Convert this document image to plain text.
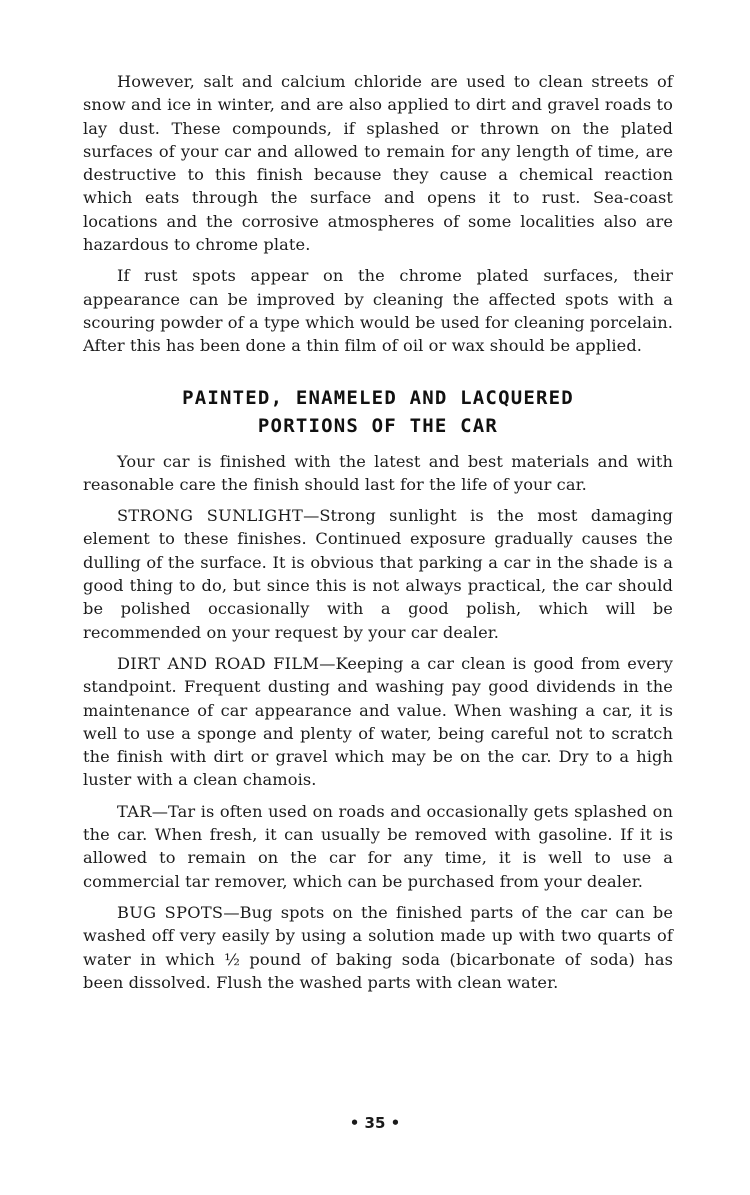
However, salt and calcium chloride are used to clean streets of snow and ice in winter, and are also applied to dirt and gravel roads to lay dust. These compounds, if splashed or thrown on the plated surfaces of your car and allowed to remain for any length of time, are destructive to this finish because they cause a chemical reaction which eats through the surface and opens it to rust. Sea-coast locations and the corrosive atmospheres of some localities also are hazardous to chrome plate.

If rust spots appear on the chrome plated surfaces, their appearance can be improved by cleaning the affected spots with a scouring powder of a type which would be used for cleaning porcelain. After this has been done a thin film of oil or wax should be applied.

PAINTED, ENAMELED AND LACQUERED
PORTIONS OF THE CAR

Your car is finished with the latest and best materials and with reasonable care the finish should last for the life of your car.

STRONG SUNLIGHT—Strong sunlight is the most damaging element to these finishes. Continued exposure gradually causes the dulling of the surface. It is obvious that parking a car in the shade is a good thing to do, but since this is not always practical, the car should be polished occasionally with a good polish, which will be recommended on your request by your car dealer.

DIRT AND ROAD FILM—Keeping a car clean is good from every standpoint. Frequent dusting and washing pay good dividends in the maintenance of car appearance and value. When washing a car, it is well to use a sponge and plenty of water, being careful not to scratch the finish with dirt or gravel which may be on the car. Dry to a high luster with a clean chamois.

TAR—Tar is often used on roads and occasionally gets splashed on the car. When fresh, it can usually be removed with gasoline. If it is allowed to remain on the car for any time, it is well to use a commercial tar remover, which can be purchased from your dealer.

BUG SPOTS—Bug spots on the finished parts of the car can be washed off very easily by using a solution made up with two quarts of water in which ½ pound of baking soda (bicarbonate of soda) has been dissolved. Flush the washed parts with clean water.

• 35 •
